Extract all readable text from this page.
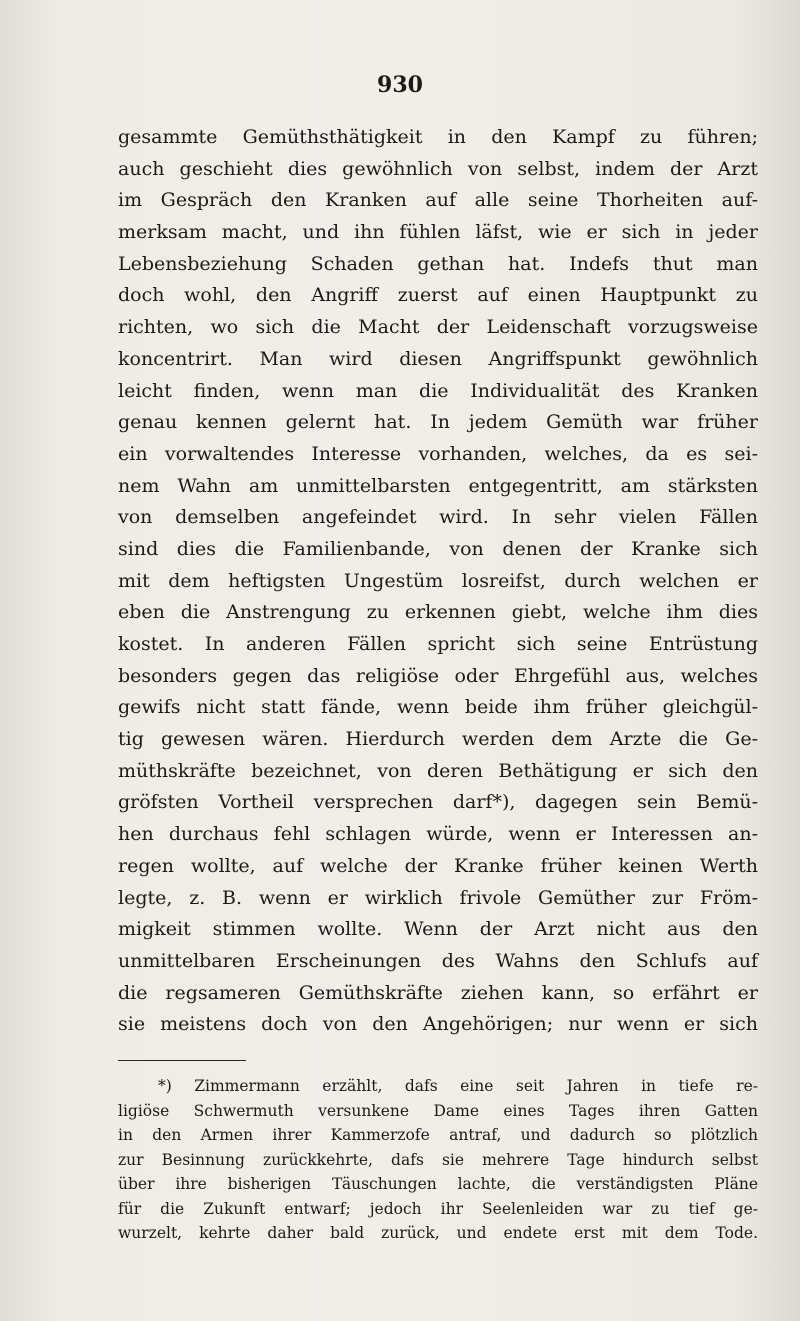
930
gesammte Gemüthsthätigkeit in den Kampf zu führen;
auch geschieht dies gewöhnlich von selbst, indem der Arzt
im Gespräch den Kranken auf alle seine Thorheiten auf-
merksam macht, und ihn fühlen läfst, wie er sich in jeder
Lebensbeziehung Schaden gethan hat. Indefs thut man
doch wohl, den Angriff zuerst auf einen Hauptpunkt zu
richten, wo sich die Macht der Leidenschaft vorzugsweise
koncentrirt. Man wird diesen Angriffspunkt gewöhnlich
leicht finden, wenn man die Individualität des Kranken
genau kennen gelernt hat. In jedem Gemüth war früher
ein vorwaltendes Interesse vorhanden, welches, da es sei-
nem Wahn am unmittelbarsten entgegentritt, am stärksten
von demselben angefeindet wird. In sehr vielen Fällen
sind dies die Familienbande, von denen der Kranke sich
mit dem heftigsten Ungestüm losreifst, durch welchen er
eben die Anstrengung zu erkennen giebt, welche ihm dies
kostet. In anderen Fällen spricht sich seine Entrüstung
besonders gegen das religiöse oder Ehrgefühl aus, welches
gewifs nicht statt fände, wenn beide ihm früher gleichgül-
tig gewesen wären. Hierdurch werden dem Arzte die Ge-
müthskräfte bezeichnet, von deren Bethätigung er sich den
gröfsten Vortheil versprechen darf*), dagegen sein Bemü-
hen durchaus fehl schlagen würde, wenn er Interessen an-
regen wollte, auf welche der Kranke früher keinen Werth
legte, z. B. wenn er wirklich frivole Gemüther zur Fröm-
migkeit stimmen wollte. Wenn der Arzt nicht aus den
unmittelbaren Erscheinungen des Wahns den Schlufs auf
die regsameren Gemüthskräfte ziehen kann, so erfährt er
sie meistens doch von den Angehörigen; nur wenn er sich
*) Zimmermann erzählt, dafs eine seit Jahren in tiefe re-
ligiöse Schwermuth versunkene Dame eines Tages ihren Gatten
in den Armen ihrer Kammerzofe antraf, und dadurch so plötzlich
zur Besinnung zurückkehrte, dafs sie mehrere Tage hindurch selbst
über ihre bisherigen Täuschungen lachte, die verständigsten Pläne
für die Zukunft entwarf; jedoch ihr Seelenleiden war zu tief ge-
wurzelt, kehrte daher bald zurück, und endete erst mit dem Tode.
